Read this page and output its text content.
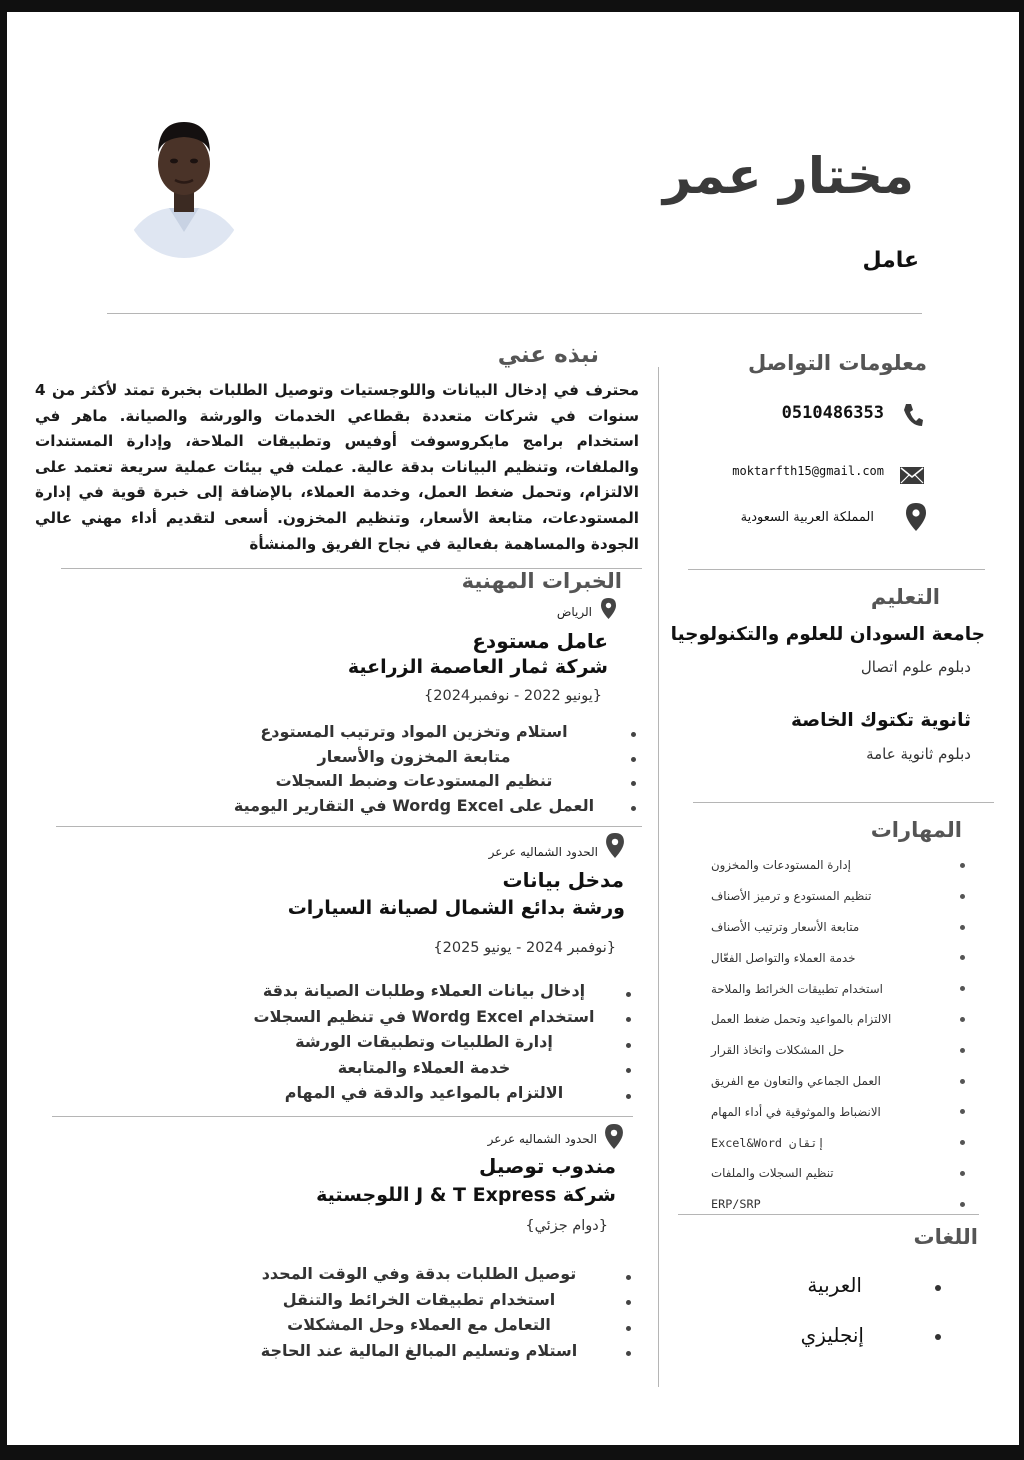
مختار عمر
عامل
نبذه عني
محترف في إدخال البيانات واللوجستيات وتوصيل الطلبات بخبرة تمتد لأكثر من 4 سنوات في شركات متعددة بقطاعي الخدمات والورشة والصيانة. ماهر في استخدام برامج مايكروسوفت أوفيس وتطبيقات الملاحة، وإدارة المستندات والملفات، وتنظيم البيانات بدقة عالية. عملت في بيئات عملية سريعة تعتمد على الالتزام، وتحمل ضغط العمل، وخدمة العملاء، بالإضافة إلى خبرة قوية في إدارة المستودعات، متابعة الأسعار، وتنظيم المخزون. أسعى لتقديم أداء مهني عالي الجودة والمساهمة بفعالية في نجاح الفريق والمنشأة
معلومات التواصل
0510486353
moktarfth15@gmail.com
المملكة العربية السعودية
التعليم
جامعة السودان للعلوم والتكنولوجيا
دبلوم علوم اتصال
ثانوية تكتوك الخاصة
دبلوم ثانوية عامة
المهارات
إدارة المستودعات والمخزون
تنظيم المستودع و ترميز الأصناف
متابعة الأسعار وترتيب الأصناف
خدمة العملاء والتواصل الفعّال
استخدام تطبيقات الخرائط والملاحة
الالتزام بالمواعيد وتحمل ضغط العمل
حل المشكلات واتخاذ القرار
العمل الجماعي والتعاون مع الفريق
الانضباط والموثوقية في أداء المهام
إتقان Excel&Word
تنظيم السجلات والملفات
ERP/SRP
اللغات
العربية
إنجليزي
الخبرات المهنية
الرياض
عامل مستودع
شركة ثمار العاصمة الزراعية
{يونيو 2022 - نوفمبر2024}
استلام وتخزين المواد وترتيب المستودع
متابعة المخزون والأسعار
تنظيم المستودعات وضبط السجلات
العمل على Wordg Excel في التقارير اليومية
الحدود الشماليه عرعر
مدخل بيانات
ورشة بدائع الشمال لصيانة السيارات
{نوفمبر 2024 - يونيو 2025}
إدخال بيانات العملاء وطلبات الصيانة بدقة
استخدام Wordg Excel في تنظيم السجلات
إدارة الطلبيات وتطبيقات الورشة
خدمة العملاء والمتابعة
الالتزام بالمواعيد والدقة في المهام
الحدود الشماليه عرعر
مندوب توصيل
شركة J & T Express اللوجستية
{دوام جزئي}
توصيل الطلبات بدقة وفي الوقت المحدد
استخدام تطبيقات الخرائط والتنقل
التعامل مع العملاء وحل المشكلات
استلام وتسليم المبالغ المالية عند الحاجة
